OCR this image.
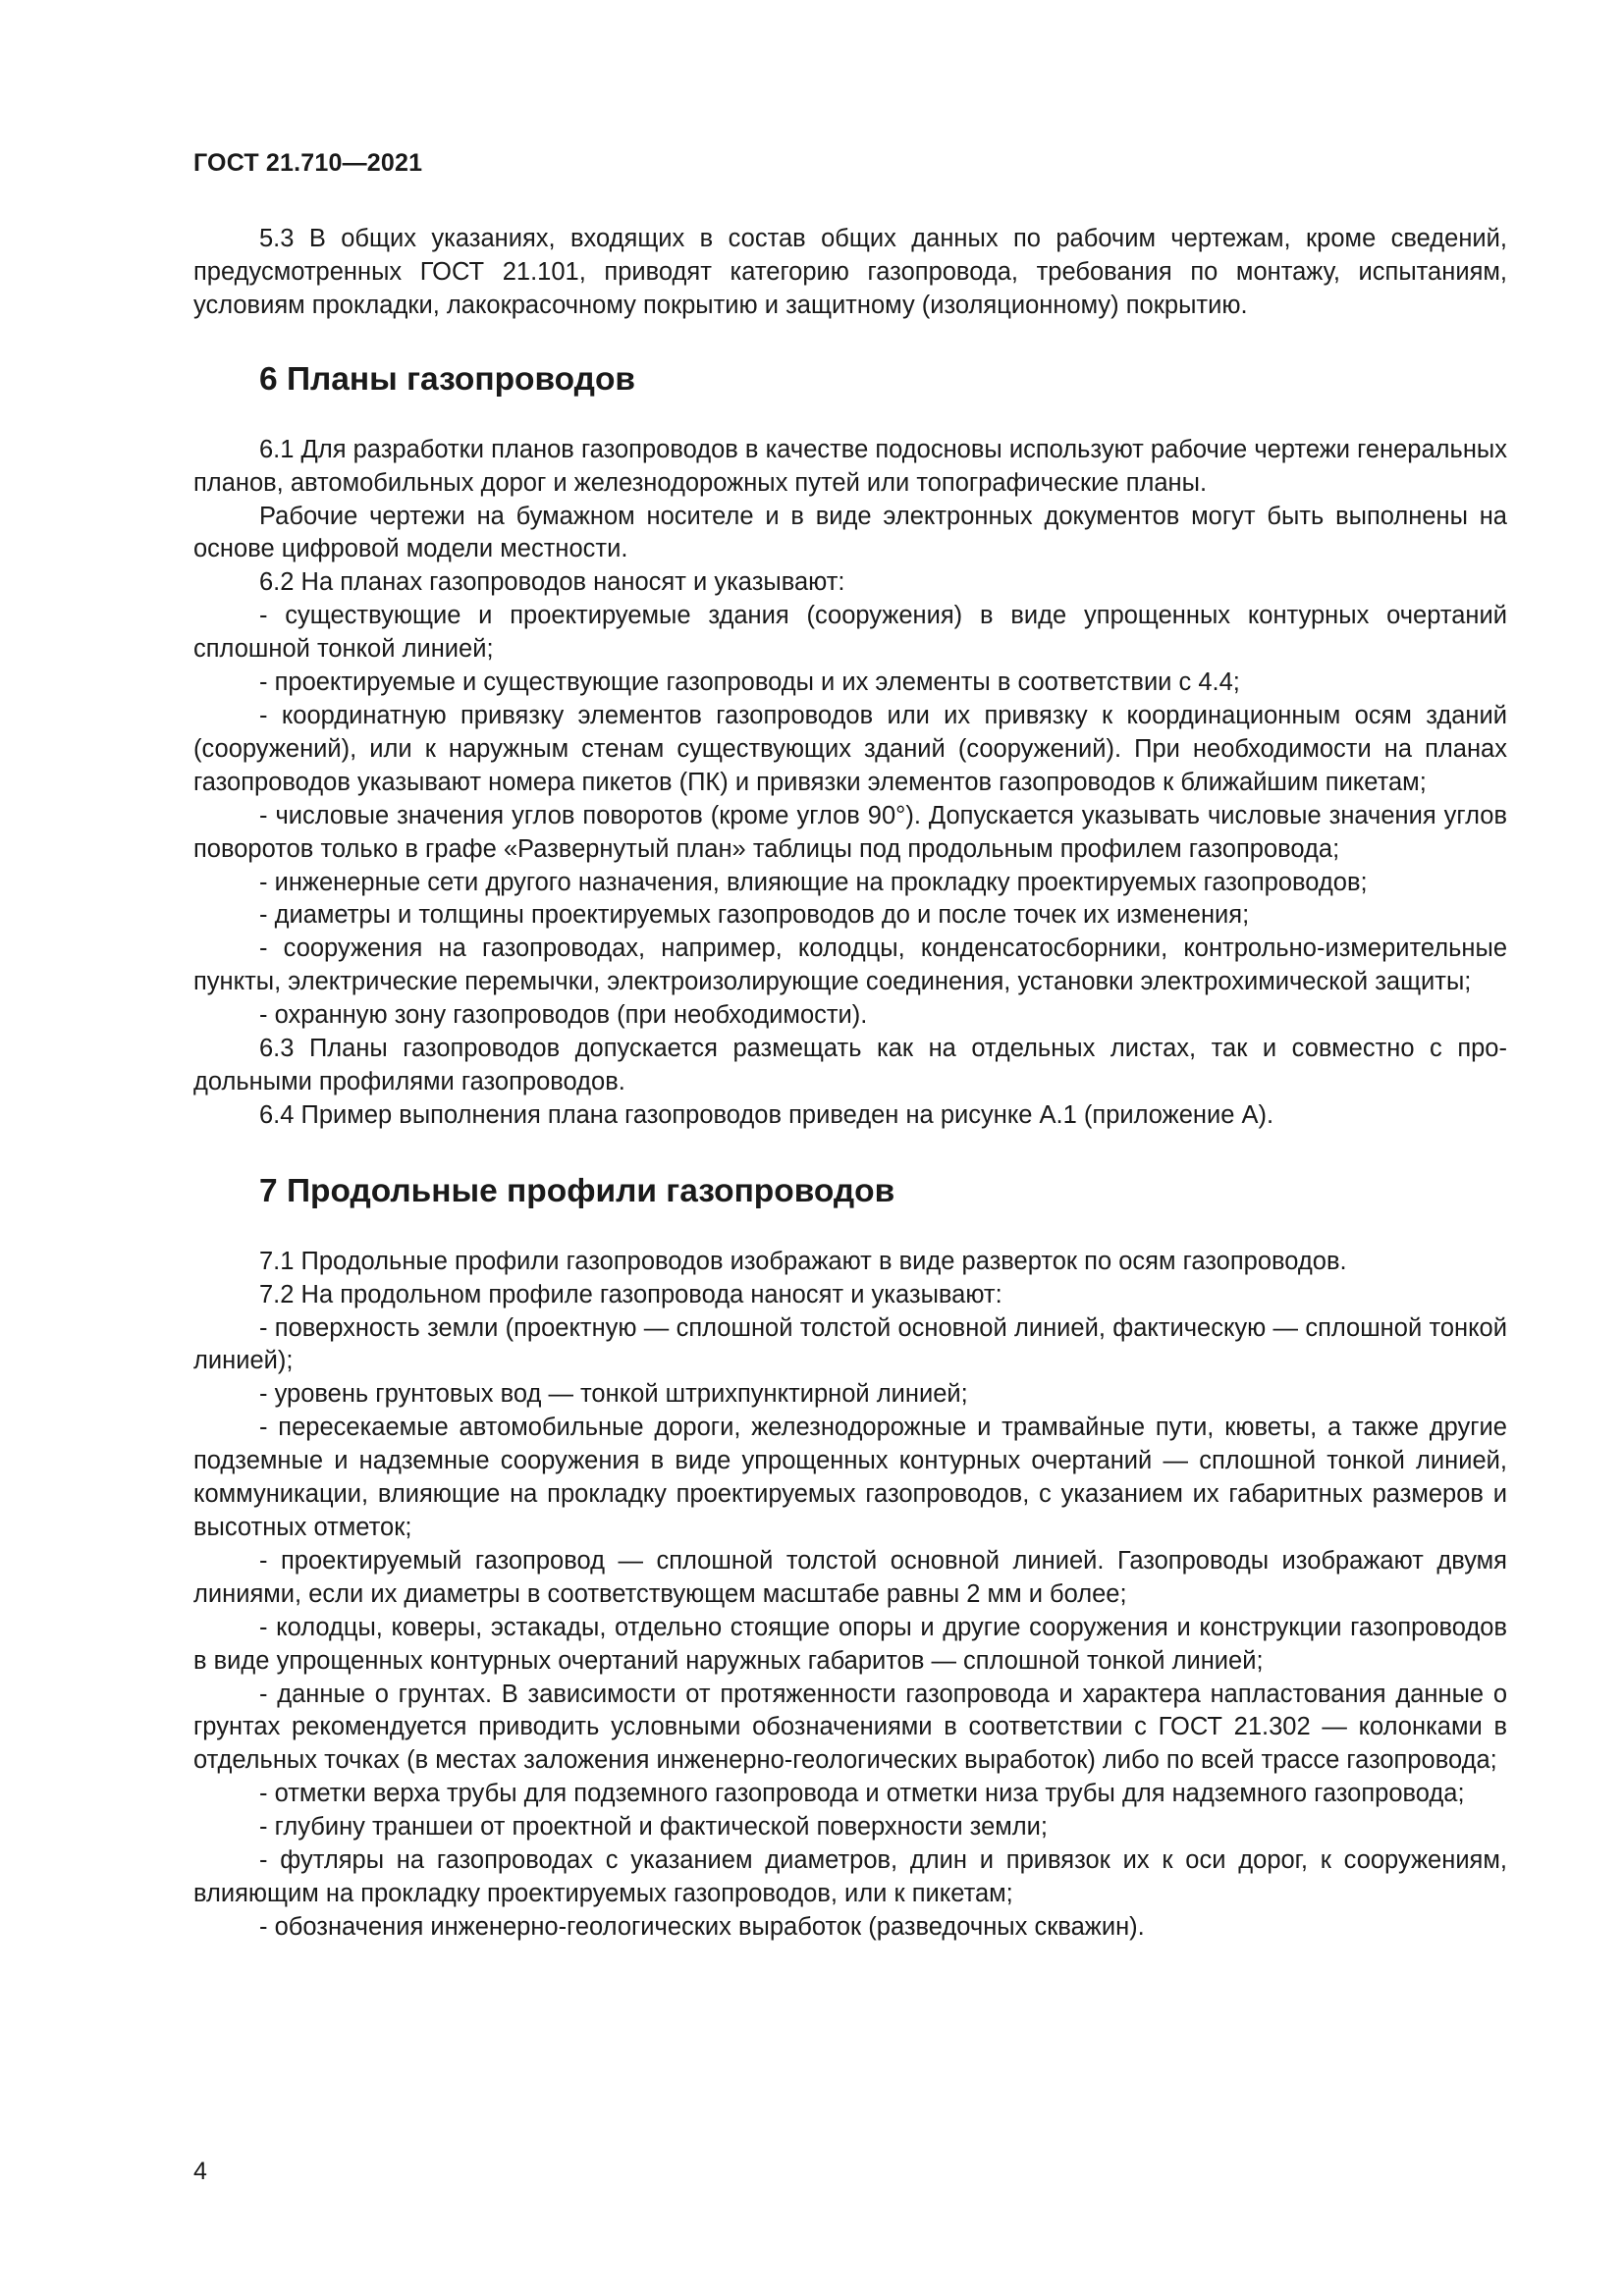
ГОСТ 21.710—2021

5.3 В общих указаниях, входящих в состав общих данных по рабочим чертежам, кроме сведений, предусмотренных ГОСТ 21.101, приводят категорию газопровода, требования по монтажу, испытаниям, условиям прокладки, лакокрасочному покрытию и защитному (изоляционному) покрытию.

6 Планы газопроводов

6.1 Для разработки планов газопроводов в качестве подосновы используют рабочие чертежи генеральных планов, автомобильных дорог и железнодорожных путей или топографические планы.

Рабочие чертежи на бумажном носителе и в виде электронных документов могут быть выполнены на основе цифровой модели местности.

6.2 На планах газопроводов наносят и указывают:

- существующие и проектируемые здания (сооружения) в виде упрощенных контурных очертаний сплошной тонкой линией;

- проектируемые и существующие газопроводы и их элементы в соответствии с 4.4;

- координатную привязку элементов газопроводов или их привязку к координационным осям зданий (сооружений), или к наружным стенам существующих зданий (сооружений). При необходимости на планах газопроводов указывают номера пикетов (ПК) и привязки элементов газопроводов к ближайшим пикетам;

- числовые значения углов поворотов (кроме углов 90°). Допускается указывать числовые значения углов поворотов только в графе «Развернутый план» таблицы под продольным профилем газопровода;

- инженерные сети другого назначения, влияющие на прокладку проектируемых газопроводов;

- диаметры и толщины проектируемых газопроводов до и после точек их изменения;

- сооружения на газопроводах, например, колодцы, конденсатосборники, контрольно-измерительные пункты, электрические перемычки, электроизолирующие соединения, установки электрохимической защиты;

- охранную зону газопроводов (при необходимости).

6.3 Планы газопроводов допускается размещать как на отдельных листах, так и совместно с продольными профилями газопроводов.

6.4 Пример выполнения плана газопроводов приведен на рисунке А.1 (приложение А).

7 Продольные профили газопроводов

7.1 Продольные профили газопроводов изображают в виде разверток по осям газопроводов.

7.2 На продольном профиле газопровода наносят и указывают:

- поверхность земли (проектную — сплошной толстой основной линией, фактическую — сплошной тонкой линией);

- уровень грунтовых вод — тонкой штрихпунктирной линией;

- пересекаемые автомобильные дороги, железнодорожные и трамвайные пути, кюветы, а также другие подземные и надземные сооружения в виде упрощенных контурных очертаний — сплошной тонкой линией, коммуникации, влияющие на прокладку проектируемых газопроводов, с указанием их габаритных размеров и высотных отметок;

- проектируемый газопровод — сплошной толстой основной линией. Газопроводы изображают двумя линиями, если их диаметры в соответствующем масштабе равны 2 мм и более;

- колодцы, коверы, эстакады, отдельно стоящие опоры и другие сооружения и конструкции газопроводов в виде упрощенных контурных очертаний наружных габаритов — сплошной тонкой линией;

- данные о грунтах. В зависимости от протяженности газопровода и характера напластования данные о грунтах рекомендуется приводить условными обозначениями в соответствии с ГОСТ 21.302 — колонками в отдельных точках (в местах заложения инженерно-геологических выработок) либо по всей трассе газопровода;

- отметки верха трубы для подземного газопровода и отметки низа трубы для надземного газопровода;

- глубину траншеи от проектной и фактической поверхности земли;

- футляры на газопроводах с указанием диаметров, длин и привязок их к оси дорог, к сооружениям, влияющим на прокладку проектируемых газопроводов, или к пикетам;

- обозначения инженерно-геологических выработок (разведочных скважин).

4
